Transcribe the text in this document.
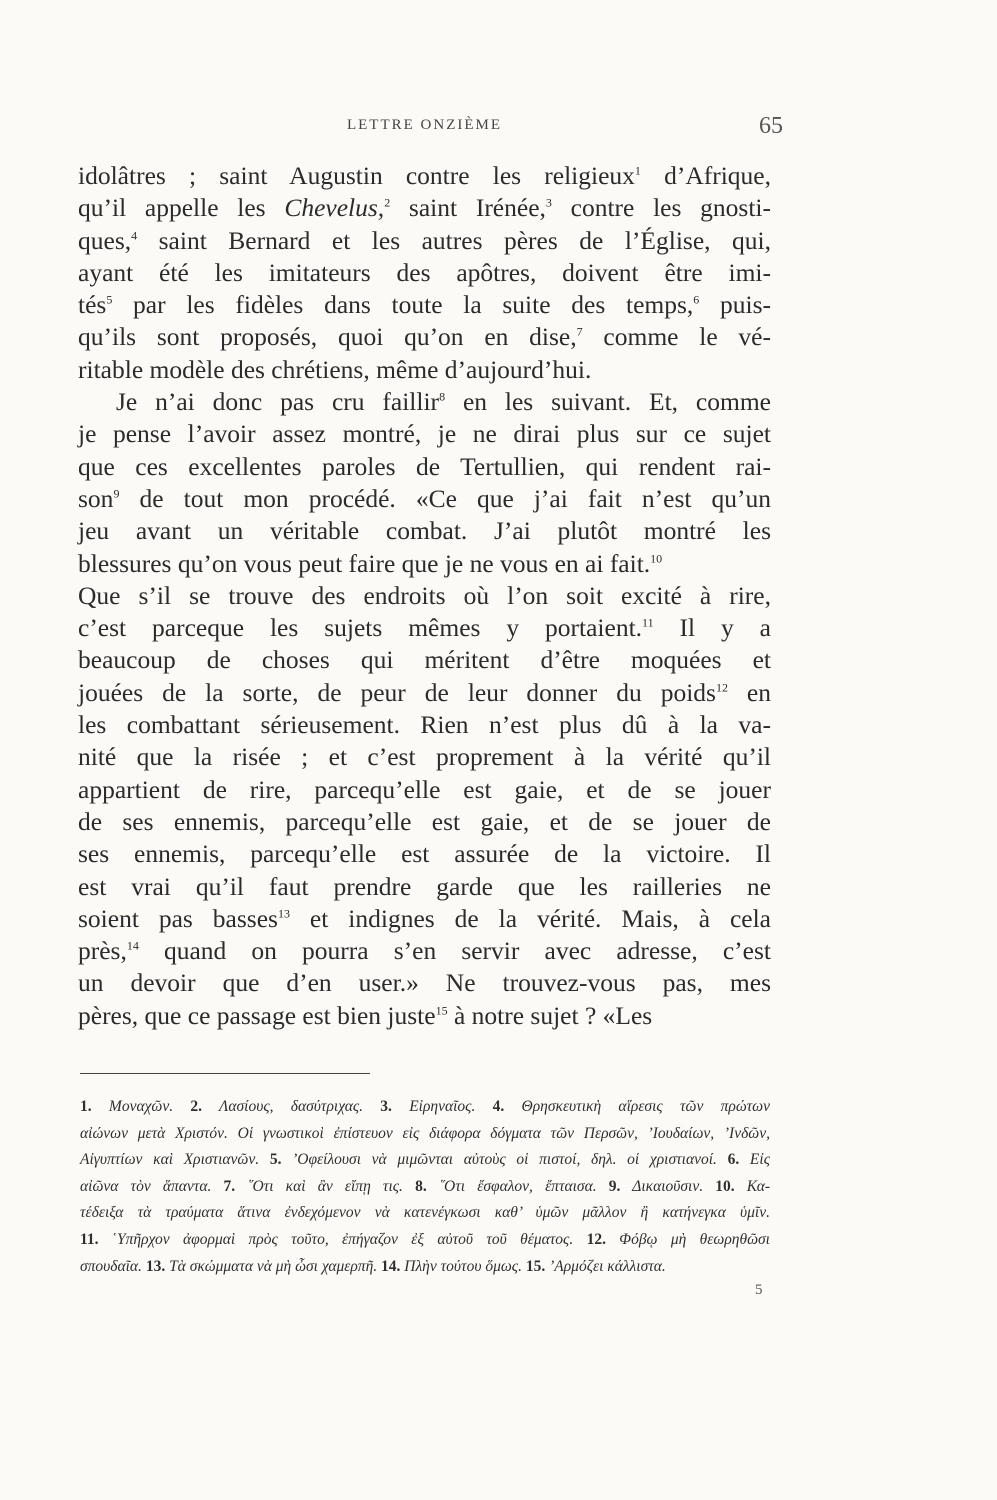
LETTRE ONZIÈME	65
idolâtres ; saint Augustin contre les religieux$^1$ d’Afrique,
qu’il appelle les Chevelus,$^2$ saint Irénée,$^3$ contre les gnosti-
ques,$^4$ saint Bernard et les autres pères de l’Église, qui,
ayant été les imitateurs des apôtres, doivent être imi-
tés$^5$ par les fidèles dans toute la suite des temps,$^6$ puis-
qu’ils sont proposés, quoi qu’on en dise,$^7$ comme le vé-
ritable modèle des chrétiens, même d’aujourd’hui.
Je n’ai donc pas cru faillir$^8$ en les suivant. Et, comme
je pense l’avoir assez montré, je ne dirai plus sur ce sujet
que ces excellentes paroles de Tertullien, qui rendent rai-
son$^9$ de tout mon procédé. «Ce que j’ai fait n’est qu’un
jeu avant un véritable combat. J’ai plutôt montré les
blessures qu’on vous peut faire que je ne vous en ai fait.$^{10}$
Que s’il se trouve des endroits où l’on soit excité à rire,
c’est parceque les sujets mêmes y portaient.$^{11}$ Il y a
beaucoup de choses qui méritent d’être moquées et
jouées de la sorte, de peur de leur donner du poids$^{12}$ en
les combattant sérieusement. Rien n’est plus dû à la va-
nité que la risée ; et c’est proprement à la vérité qu’il
appartient de rire, parcequ’elle est gaie, et de se jouer
de ses ennemis, parcequ’elle est gaie, et de se jouer de
ses ennemis, parcequ’elle est assurée de la victoire. Il
est vrai qu’il faut prendre garde que les railleries ne
soient pas basses$^{13}$ et indignes de la vérité. Mais, à cela
près,$^{14}$ quand on pourra s’en servir avec adresse, c’est
un devoir que d’en user.» Ne trouvez-vous pas, mes
pères, que ce passage est bien juste$^{15}$ à notre sujet ? «Les
1. Μοναχῶν. 2. Λασίους, δασύτριχας. 3. Εἰρηναῖος. 4. Θρησκευτικὴ αἵρεσις τῶν πρώτων
αἰώνων μετὰ Χριστόν. Οἱ γνωστικοὶ ἐπίστευον εἰς διάφορα δόγματα τῶν Περσῶν, ’Ιουδαίων, ’Ινδῶν,
Αἰγυπτίων καὶ Χριστιανῶν. 5. ’Οφείλουσι νὰ μιμῶνται αὐτοὺς οἱ πιστοί, δηλ. οἱ χριστιανοί. 6. Εἰς
αἰῶνα τὸν ἅπαντα. 7. ῞Οτι καὶ ἂν εἴπῃ τις. 8. ῞Οτι ἔσφαλον, ἔπταισα. 9. Δικαιοῦσιν. 10. Κα-
τέδειξα τὰ τραύματα ἅτινα ἐνδεχόμενον νὰ κατενέγκωσι καθ’ ὑμῶν μᾶλλον ἢ κατήνεγκα ὑμῖν.
11. ῾Υπῆρχον ἀφορμαὶ πρὸς τοῦτο, ἐπήγαζον ἐξ αὐτοῦ τοῦ θέματος. 12. Φόβῳ μὴ θεωρηθῶσι
σπουδαῖα. 13. Τὰ σκώμματα νὰ μὴ ὦσι χαμερπῆ. 14. Πλὴν τούτου ὅμως. 15. ’Αρμόζει κάλλιστα.
5
